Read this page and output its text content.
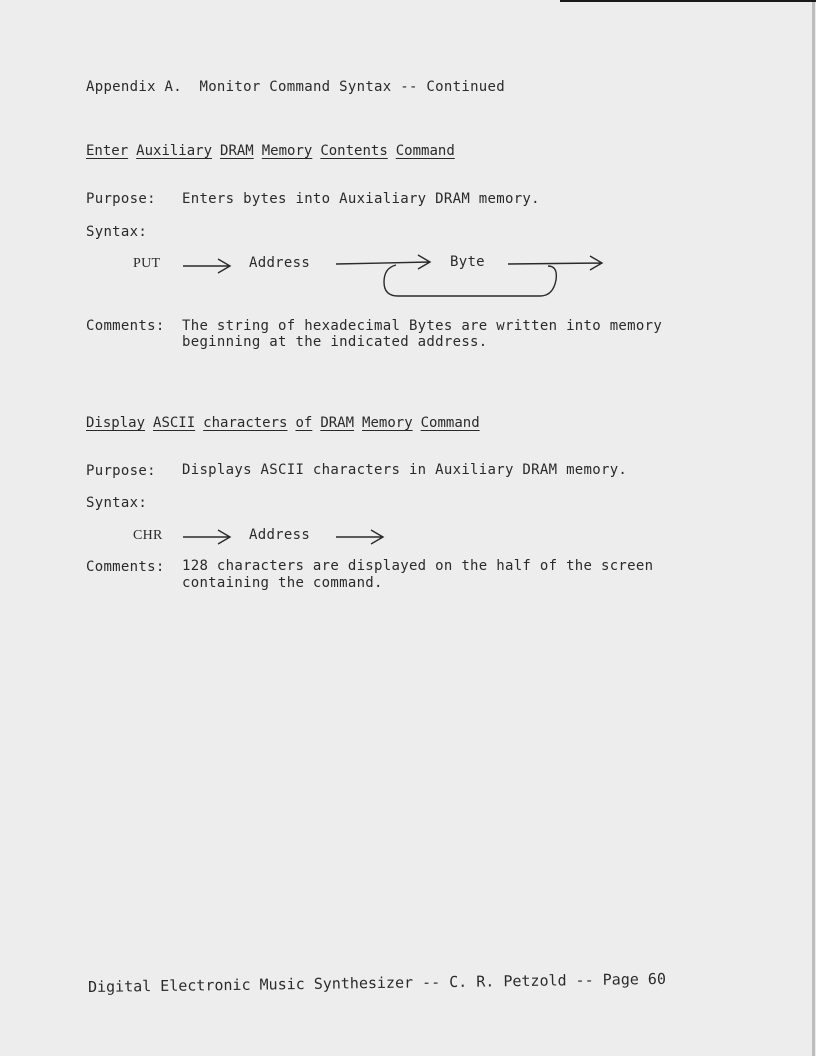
Appendix A.  Monitor Command Syntax -- Continued
Enter Auxiliary DRAM Memory Contents Command
Purpose: Enters bytes into Auxialiary DRAM memory.
Syntax:
PUT	Address	Byte
Comments: The string of hexadecimal Bytes are written into memory
beginning at the indicated address.
Display ASCII characters of DRAM Memory Command
Purpose: Displays ASCII characters in Auxiliary DRAM memory.
Syntax:
CHR	Address
Comments: 128 characters are displayed on the half of the screen
containing the command.
Digital Electronic Music Synthesizer -- C. R. Petzold -- Page 60
